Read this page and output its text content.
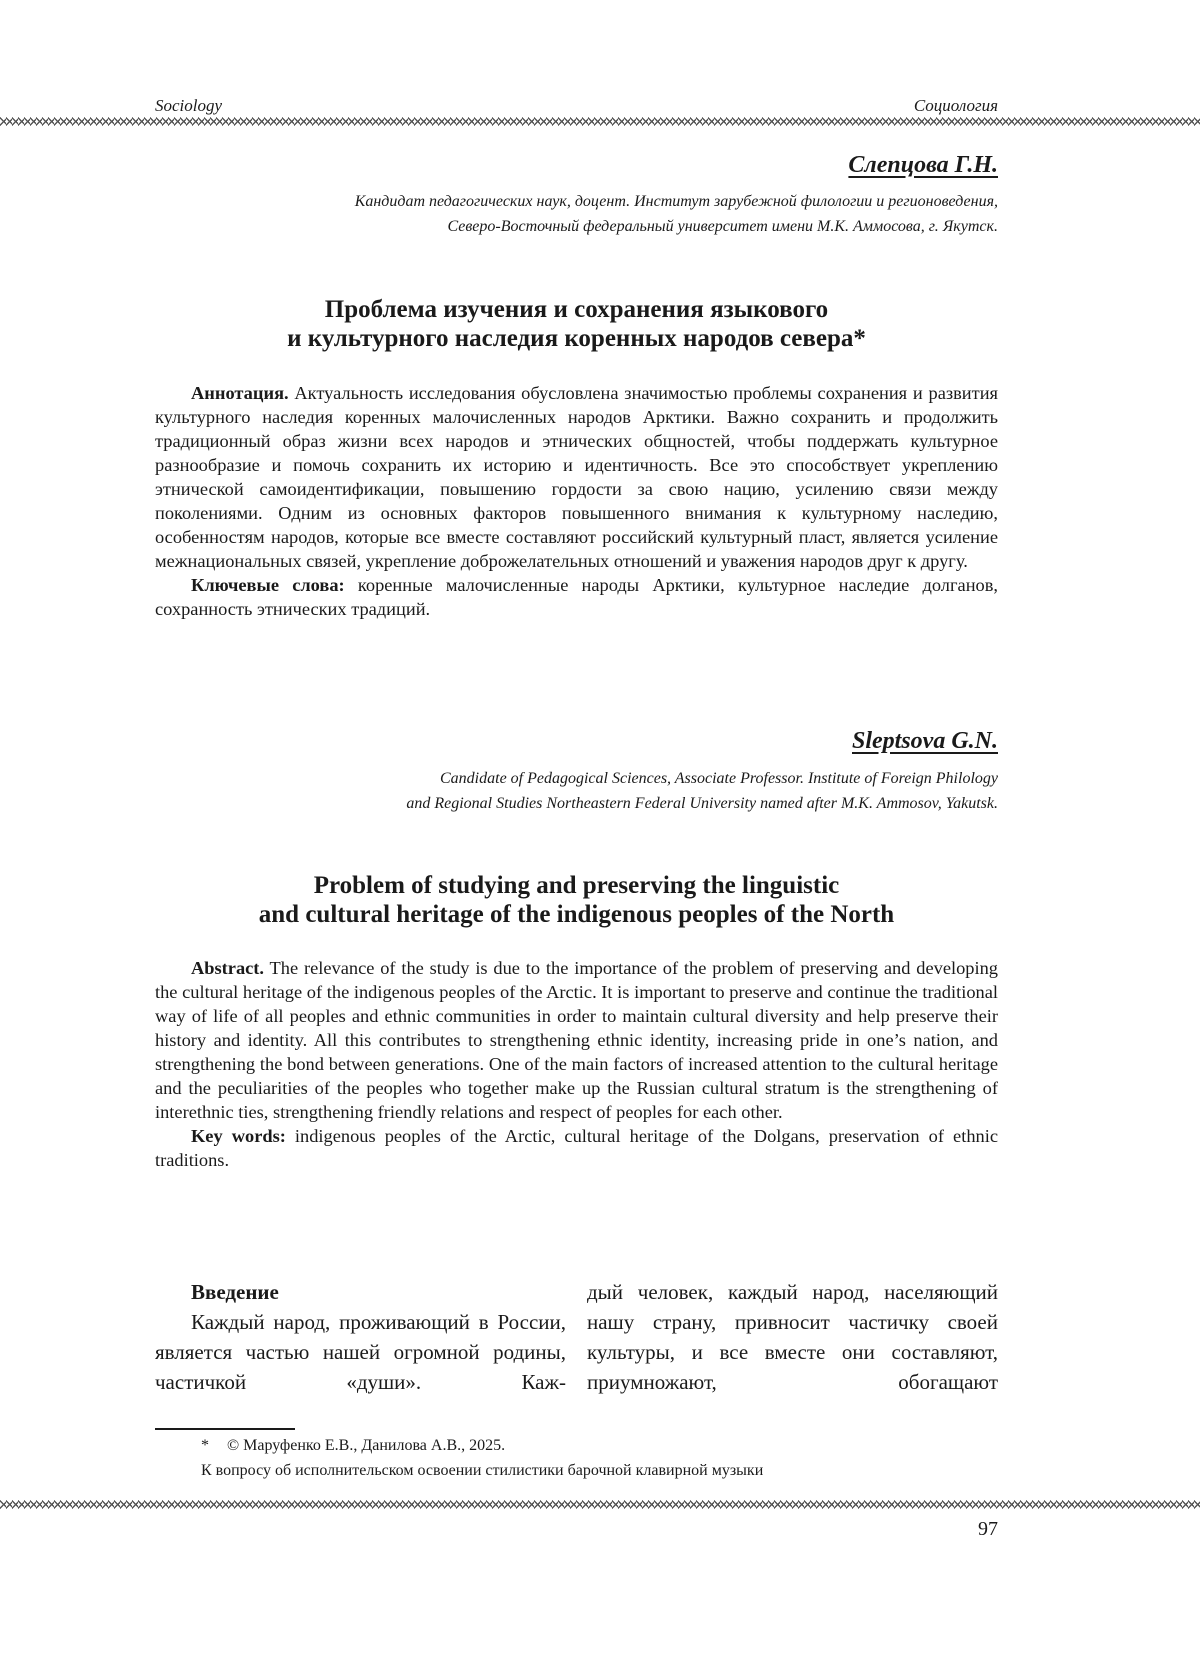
Sociology	Социология
Слепцова Г.Н.
Кандидат педагогических наук, доцент. Институт зарубежной филологии и регионоведения,
Северо-Восточный федеральный университет имени М.К. Аммосова, г. Якутск.
Проблема изучения и сохранения языкового
и культурного наследия коренных народов севера*

Аннотация. Актуальность исследования обусловлена значимостью проблемы сохранения и развития культурного наследия коренных малочисленных народов Арктики. Важно сохранить и продолжить традиционный образ жизни всех народов и этнических общностей, чтобы поддержать культурное разнообразие и помочь сохранить их историю и идентичность. Все это способствует укреплению этнической самоидентификации, повышению гордости за свою нацию, усилению связи между поколениями. Одним из основных факторов повышенного внимания к культурному наследию, особенностям народов, которые все вместе составляют российский культурный пласт, является усиление межнациональных связей, укрепление доброжелательных отношений и уважения народов друг к другу.

Ключевые слова: коренные малочисленные народы Арктики, культурное наследие долганов, сохранность этнических традиций.

Sleptsova G.N.
Candidate of Pedagogical Sciences, Associate Professor. Institute of Foreign Philology
and Regional Studies Northeastern Federal University named after M.K. Ammosov, Yakutsk.
Problem of studying and preserving the linguistic
and cultural heritage of the indigenous peoples of the North

Abstract. The relevance of the study is due to the importance of the problem of preserving and developing the cultural heritage of the indigenous peoples of the Arctic. It is important to preserve and continue the traditional way of life of all peoples and ethnic communities in order to maintain cultural diversity and help preserve their history and identity. All this contributes to strengthening ethnic identity, increasing pride in one’s nation, and strengthening the bond between generations. One of the main factors of increased attention to the cultural heritage and the peculiarities of the peoples who together make up the Russian cultural stratum is the strengthening of interethnic ties, strengthening friendly relations and respect of peoples for each other.

Key words: indigenous peoples of the Arctic, cultural heritage of the Dolgans, preservation of ethnic traditions.

Введение

Каждый народ, проживающий в России, является частью нашей огромной родины, частичкой «души». Каж-

дый человек, каждый народ, населяющий нашу страну, привносит частичку своей культуры, и все вместе они составляют, приумножают, обогащают

* © Маруфенко Е.В., Данилова А.В., 2025.
К вопросу об исполнительском освоении стилистики барочной клавирной музыки
97
